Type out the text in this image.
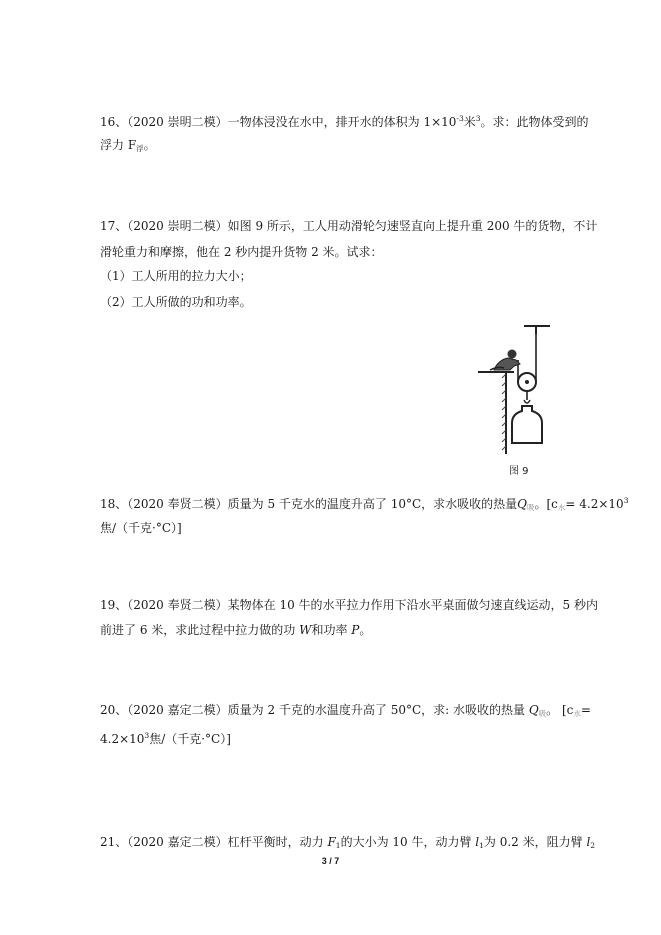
16、（2020 崇明二模）一物体浸没在水中，排开水的体积为 $1\times 10^{-3}$米$^3$。求：此物体受到的
浮力 $F_浮$。
17、（2020 崇明二模）如图 9 所示，工人用动滑轮匀速竖直向上提升重 200 牛的货物，不计
滑轮重力和摩擦，他在 2 秒内提升货物 2 米。试求：
（1）工人所用的拉力大小；
（2）工人所做的功和功率。
图 9
18、（2020 奉贤二模）质量为 5 千克水的温度升高了 10°C，求水吸收的热量$Q_吸$。[$c_水= 4.2\times 10^3$
焦/（千克·°C）]
19、（2020 奉贤二模）某物体在 10 牛的水平拉力作用下沿水平桌面做匀速直线运动，5 秒内
前进了 6 米，求此过程中拉力做的功 W和功率 P。
20、（2020 嘉定二模）质量为 2 千克的水温度升高了 50°C，求: 水吸收的热量 $Q_吸$。 [$c_水=$
$4.2\times 10^3$焦/（千克·°C）]
21、（2020 嘉定二模）杠杆平衡时，动力 $F_1$的大小为 10 牛，动力臂 $l_1$为 0.2 米，阻力臂 $l_2$
3 / 7
